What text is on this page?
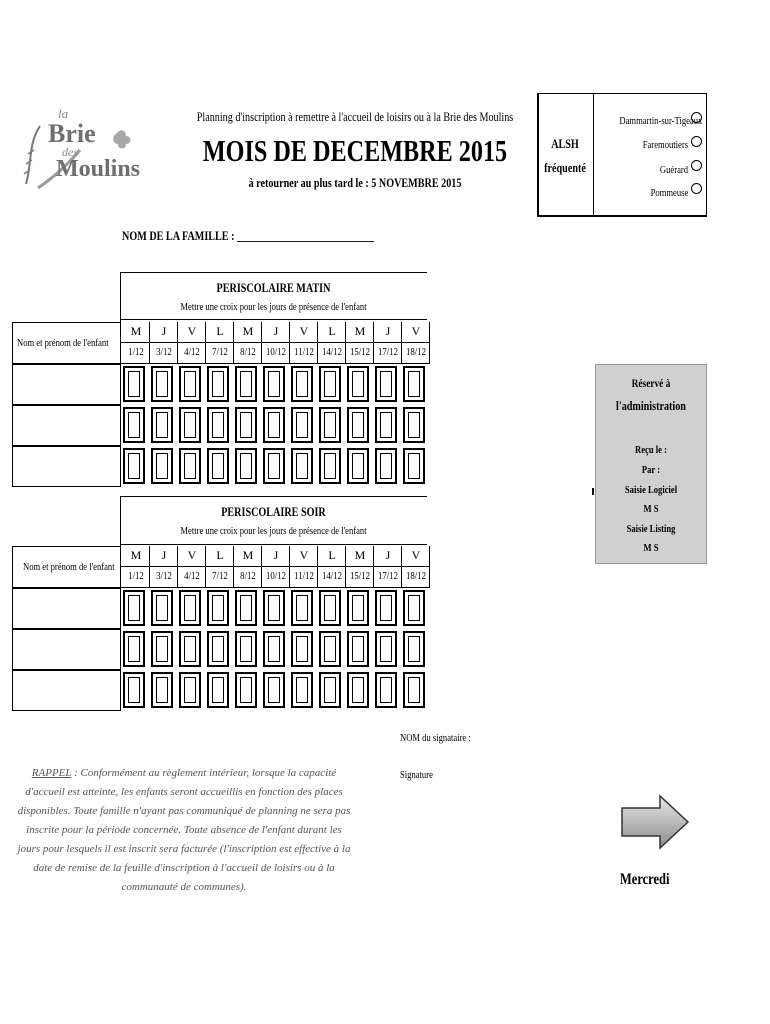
la
Brie
des
Moulins
Planning d'inscription à remettre à l'accueil de loisirs ou à la Brie des Moulins
MOIS DE DECEMBRE 2015
à retourner au plus tard le : 5 NOVEMBRE 2015
ALSH
fréquenté
Dammartin-sur-Tigeaux
Faremoutiers
Guérard
Pommeuse
NOM DE LA FAMILLE : ___________________________
PERISCOLAIRE MATIN
Mettre une croix pour les jours de présence de l'enfant
Nom et prénom de l'enfant
M	J	V	L	M	J	V	L	M	J	V
1/12	3/12	4/12	7/12	8/12 10/12 11/12 14/12 15/12 17/12 18/12
PERISCOLAIRE SOIR
Mettre une croix pour les jours de présence de l'enfant
Nom et prénom de l'enfant
M	J	V	L	M	J	V	L	M	J	V
1/12	3/12	4/12	7/12	8/12 10/12 11/12 14/12 15/12 17/12 18/12
Réservé à
l'administration
Reçu le :
Par :
Saisie Logiciel
M S
Saisie Listing
M S
RAPPEL : Conformément au règlement intérieur, lorsque la capacité d'accueil est atteinte, les enfants seront accueillis en fonction des places disponibles. Toute famille n'ayant pas communiqué de planning ne sera pas inscrite pour la période concernée. Toute absence de l'enfant durant les jours pour lesquels il est inscrit sera facturée (l'inscription est effective à la date de remise de la feuille d'inscription à l'accueil de loisirs ou à la communauté de communes).
NOM du signataire :
Signature
Mercredi
